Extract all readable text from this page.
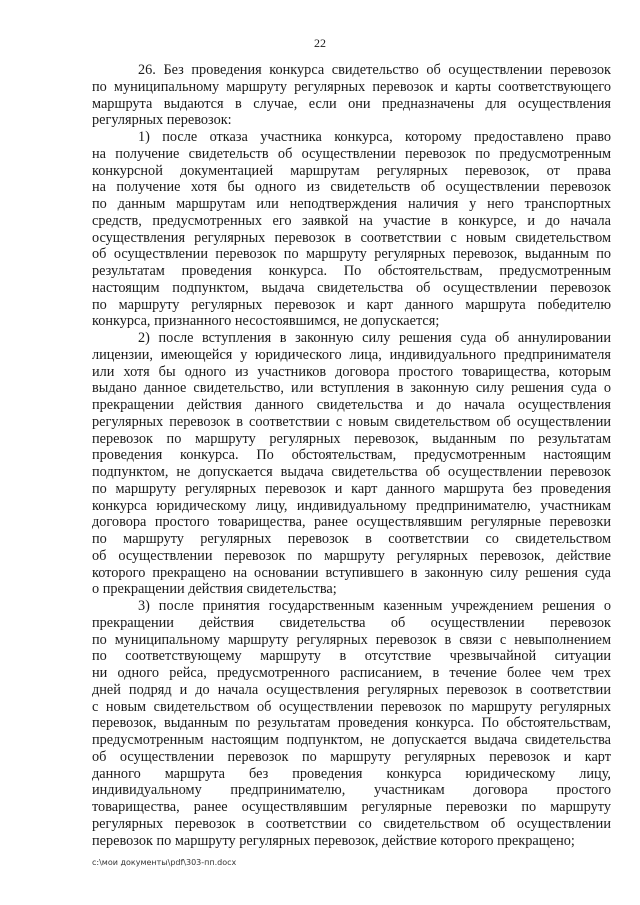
22
26. Без проведения конкурса свидетельство об осуществлении перевозок
по муниципальному маршруту регулярных перевозок и карты соответствующего
маршрута выдаются в случае, если они предназначены для осуществления
регулярных перевозок:
1) после отказа участника конкурса, которому предоставлено право
на получение свидетельств об осуществлении перевозок по предусмотренным
конкурсной документацией маршрутам регулярных перевозок, от права
на получение хотя бы одного из свидетельств об осуществлении перевозок
по данным маршрутам или неподтверждения наличия у него транспортных
средств, предусмотренных его заявкой на участие в конкурсе, и до начала
осуществления регулярных перевозок в соответствии с новым свидетельством
об осуществлении перевозок по маршруту регулярных перевозок, выданным по
результатам проведения конкурса. По обстоятельствам, предусмотренным
настоящим подпунктом, выдача свидетельства об осуществлении перевозок
по маршруту регулярных перевозок и карт данного маршрута победителю
конкурса, признанного несостоявшимся, не допускается;
2) после вступления в законную силу решения суда об аннулировании
лицензии, имеющейся у юридического лица, индивидуального предпринимателя
или хотя бы одного из участников договора простого товарищества, которым
выдано данное свидетельство, или вступления в законную силу решения суда о
прекращении действия данного свидетельства и до начала осуществления
регулярных перевозок в соответствии с новым свидетельством об осуществлении
перевозок по маршруту регулярных перевозок, выданным по результатам
проведения конкурса. По обстоятельствам, предусмотренным настоящим
подпунктом, не допускается выдача свидетельства об осуществлении перевозок
по маршруту регулярных перевозок и карт данного маршрута без проведения
конкурса юридическому лицу, индивидуальному предпринимателю, участникам
договора простого товарищества, ранее осуществлявшим регулярные перевозки
по маршруту регулярных перевозок в соответствии со свидетельством
об осуществлении перевозок по маршруту регулярных перевозок, действие
которого прекращено на основании вступившего в законную силу решения суда
о прекращении действия свидетельства;
3) после принятия государственным казенным учреждением решения о
прекращении действия свидетельства об осуществлении перевозок
по муниципальному маршруту регулярных перевозок в связи с невыполнением
по соответствующему маршруту в отсутствие чрезвычайной ситуации
ни одного рейса, предусмотренного расписанием, в течение более чем трех
дней подряд и до начала осуществления регулярных перевозок в соответствии
с новым свидетельством об осуществлении перевозок по маршруту регулярных
перевозок, выданным по результатам проведения конкурса. По обстоятельствам,
предусмотренным настоящим подпунктом, не допускается выдача свидетельства
об осуществлении перевозок по маршруту регулярных перевозок и карт
данного маршрута без проведения конкурса юридическому лицу,
индивидуальному предпринимателю, участникам договора простого
товарищества, ранее осуществлявшим регулярные перевозки по маршруту
регулярных перевозок в соответствии со свидетельством об осуществлении
перевозок по маршруту регулярных перевозок, действие которого прекращено;
c:\мои документы\pdf\303-пп.docx
